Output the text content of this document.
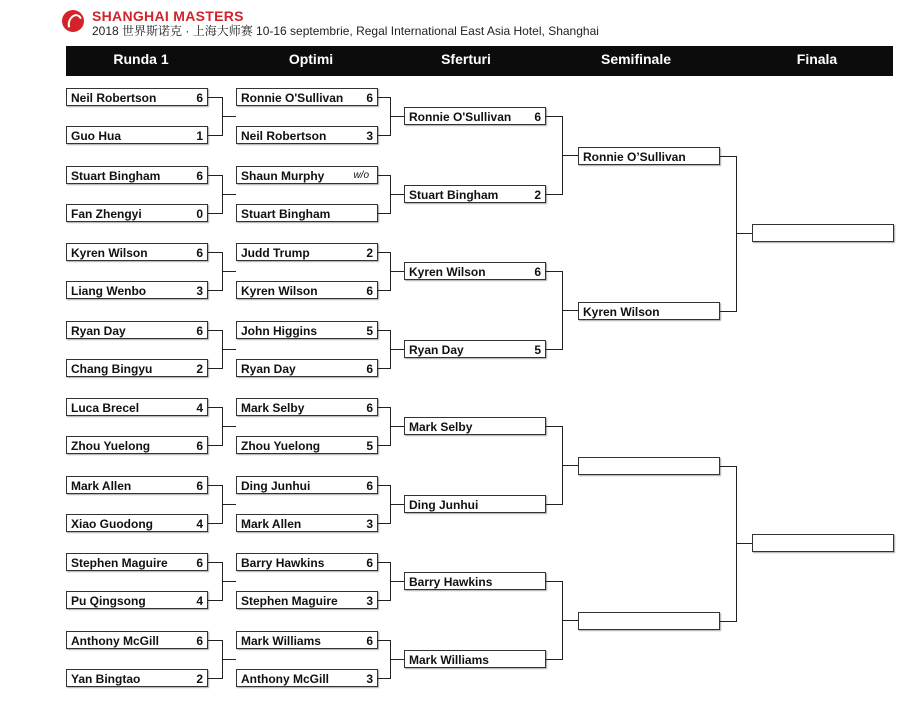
SHANGHAI MASTERS
2018 世界斯诺克 · 上海大师赛 10-16 septembrie, Regal International East Asia Hotel, Shanghai
Runda 1	Optimi	Sferturi	Semifinale	Finala
Neil Robertson	6
Guo Hua	1
Ronnie O'Sullivan 6
Neil Robertson	3
Stuart Bingham	6
Fan Zhengyi	0
Shaun Murphy	w/o
Stuart Bingham
Kyren Wilson	6
Liang Wenbo	3
Judd Trump	2
Kyren Wilson	6
Ryan Day	6
Chang Bingyu	2
John Higgins	5
Ryan Day	6
Luca Brecel	4
Zhou Yuelong	6
Mark Selby	6
Zhou Yuelong	5
Mark Allen	6
Xiao Guodong	4
Ding Junhui	6
Mark Allen	3
Stephen Maguire 6
Pu Qingsong	4
Barry Hawkins	6
Stephen Maguire 3
Anthony McGill	6
Yan Bingtao	2
Mark Williams	6
Anthony McGill	3
Ronnie O'Sullivan 6
Stuart Bingham	2
Kyren Wilson	6
Ryan Day	5
Mark Selby
Ding Junhui
Barry Hawkins
Mark Williams
Ronnie O’Sullivan
Kyren Wilson
